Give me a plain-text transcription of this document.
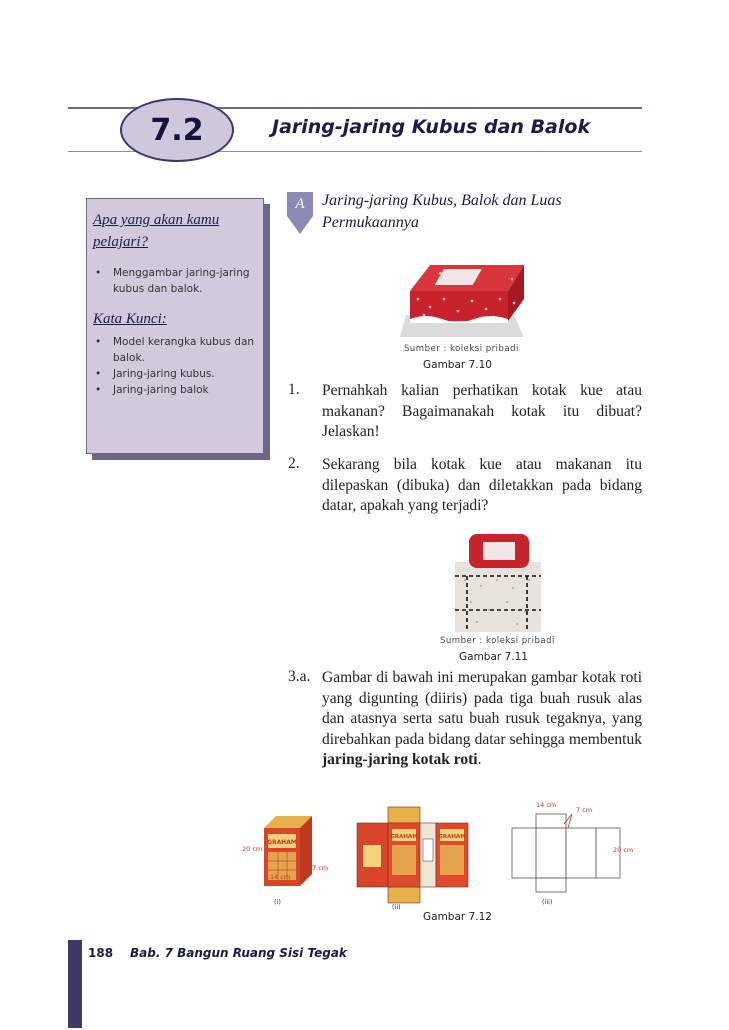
7.2	Jaring-jaring Kubus dan Balok
Apa yang akan kamu pelajari?
• Menggambar jaring-jaring kubus dan balok.
Kata Kunci:
• Model kerangka kubus dan balok.
• Jaring-jaring kubus.
• Jaring-jaring balok
A	Jaring-jaring Kubus, Balok dan Luas Permukaannya
Sumber : koleksi pribadi
Gambar 7.10
1. Pernahkah kalian perhatikan kotak kue atau makanan? Bagaimanakah kotak itu dibuat? Jelaskan!
2. Sekarang bila kotak kue atau makanan itu dilepaskan (dibuka) dan diletakkan pada bidang datar, apakah yang terjadi?
Sumber : koleksi pribadi
Gambar 7.11
3.a. Gambar di bawah ini merupakan gambar kotak roti yang digunting (diiris) pada tiga buah rusuk alas dan atasnya serta satu buah rusuk tegaknya, yang direbahkan pada bidang datar sehingga membentuk jaring-jaring kotak roti.
GRAHAM
20 cm
14 cm
7 cm
(i)
GRAHAM	GRAHAM
(ii)
14 cm
7 cm
20 cm
(iii)
Gambar 7.12
188 Bab. 7 Bangun Ruang Sisi Tegak
